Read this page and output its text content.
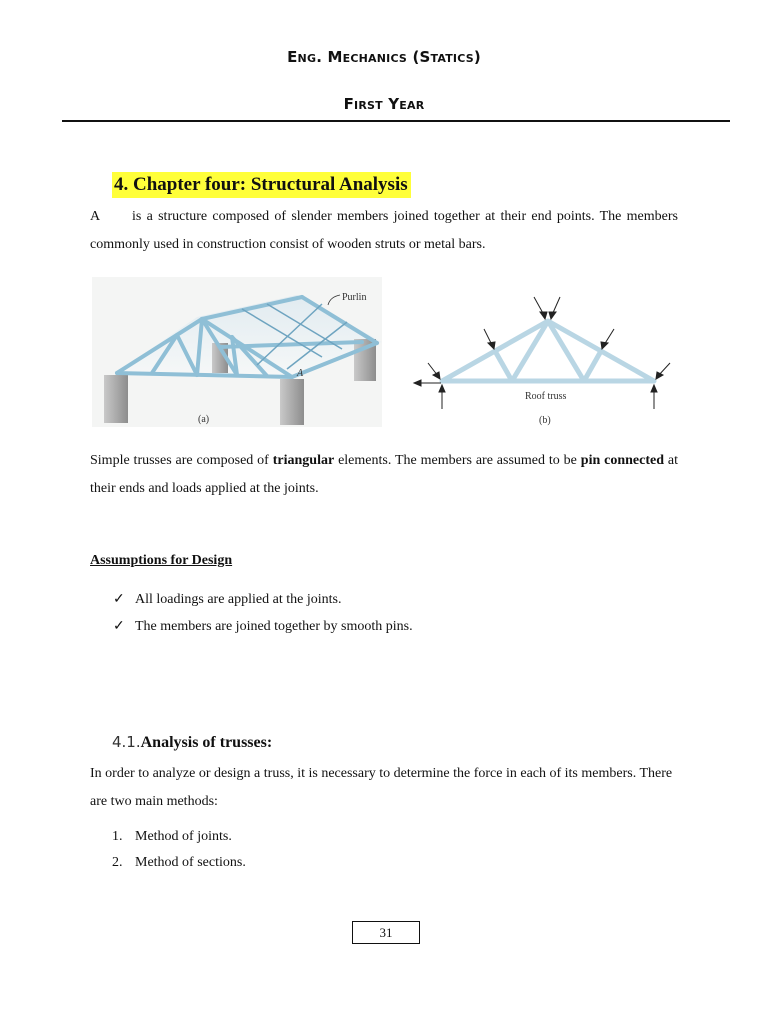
Eng. Mechanics (Statics)
First Year
4. Chapter four: Structural Analysis
A is a structure composed of slender members joined together at their end points. The members commonly used in construction consist of wooden struts or metal bars.
Purlin
A
(a)
Roof truss
(b)
Simple trusses are composed of triangular elements. The members are assumed to be pin connected at their ends and loads applied at the joints.
Assumptions for Design
✓ All loadings are applied at the joints.
✓ The members are joined together by smooth pins.
4.1.Analysis of trusses:
In order to analyze or design a truss, it is necessary to determine the force in each of its members. There are two main methods:
1. Method of joints.
2. Method of sections.
31
